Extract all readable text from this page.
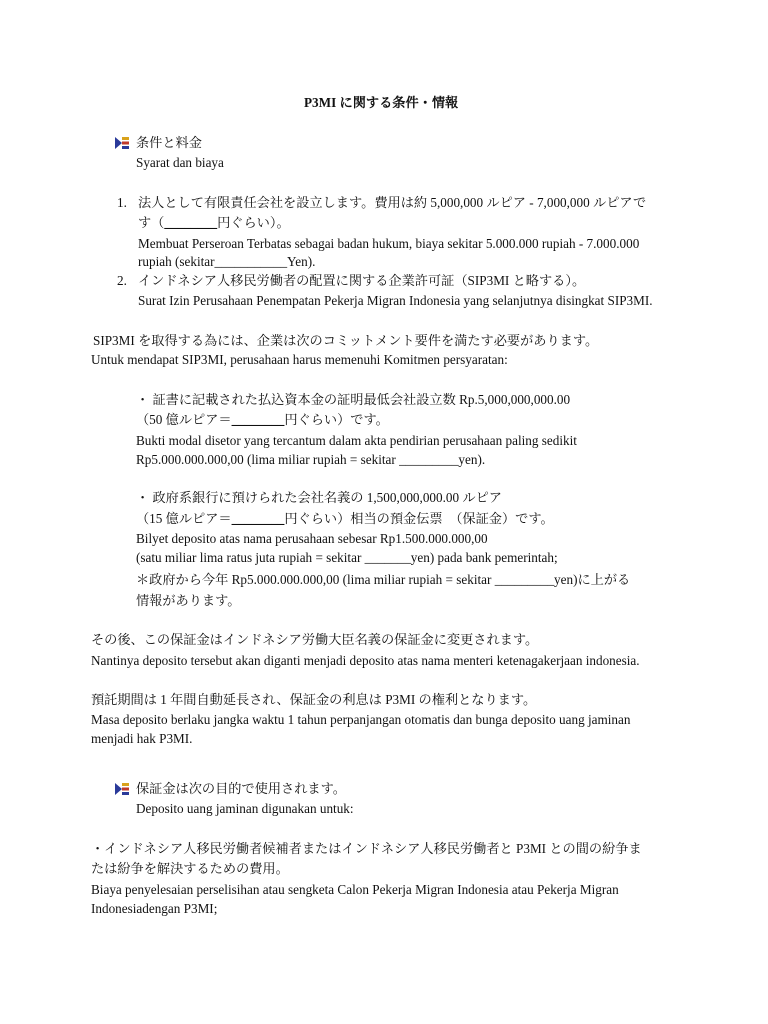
P3MI に関する条件・情報
条件と料金
Syarat dan biaya
1. 法人として有限責任会社を設立します。費用は約 5,000,000 ルピア - 7,000,000 ルピアで
す（________円ぐらい）。
Membuat Perseroan Terbatas sebagai badan hukum, biaya sekitar 5.000.000 rupiah - 7.000.000
rupiah (sekitar___________Yen).
2. インドネシア人移民労働者の配置に関する企業許可証（SIP3MI と略する）。
Surat Izin Perusahaan Penempatan Pekerja Migran Indonesia yang selanjutnya disingkat SIP3MI.
SIP3MI を取得する為には、企業は次のコミットメント要件を満たす必要があります。
Untuk mendapat SIP3MI, perusahaan harus memenuhi Komitmen persyaratan:
・ 証書に記載された払込資本金の証明最低会社設立数 Rp.5,000,000,000.00
（50 億ルピア＝________円ぐらい）です。
Bukti modal disetor yang tercantum dalam akta pendirian perusahaan paling sedikit
Rp5.000.000.000,00 (lima miliar rupiah = sekitar _________yen).
・ 政府系銀行に預けられた会社名義の 1,500,000,000.00 ルピア
（15 億ルピア＝________円ぐらい）相当の預金伝票　（保証金）です。
Bilyet deposito atas nama perusahaan sebesar Rp1.500.000.000,00
(satu miliar lima ratus juta rupiah = sekitar _______yen) pada bank pemerintah;
＊政府から今年 Rp5.000.000.000,00 (lima miliar rupiah = sekitar _________yen)に上がる
情報があります。
その後、この保証金はインドネシア労働大臣名義の保証金に変更されます。
Nantinya deposito tersebut akan diganti menjadi deposito atas nama menteri ketenagakerjaan indonesia.
預託期間は 1 年間自動延長され、保証金の利息は P3MI の権利となります。
Masa deposito berlaku jangka waktu 1 tahun perpanjangan otomatis dan bunga deposito uang jaminan
menjadi hak P3MI.
保証金は次の目的で使用されます。
Deposito uang jaminan digunakan untuk:
・インドネシア人移民労働者候補者またはインドネシア人移民労働者と P3MI との間の紛争ま
たは紛争を解決するための費用。
Biaya penyelesaian perselisihan atau sengketa Calon Pekerja Migran Indonesia atau Pekerja Migran
Indonesiadengan P3MI;
